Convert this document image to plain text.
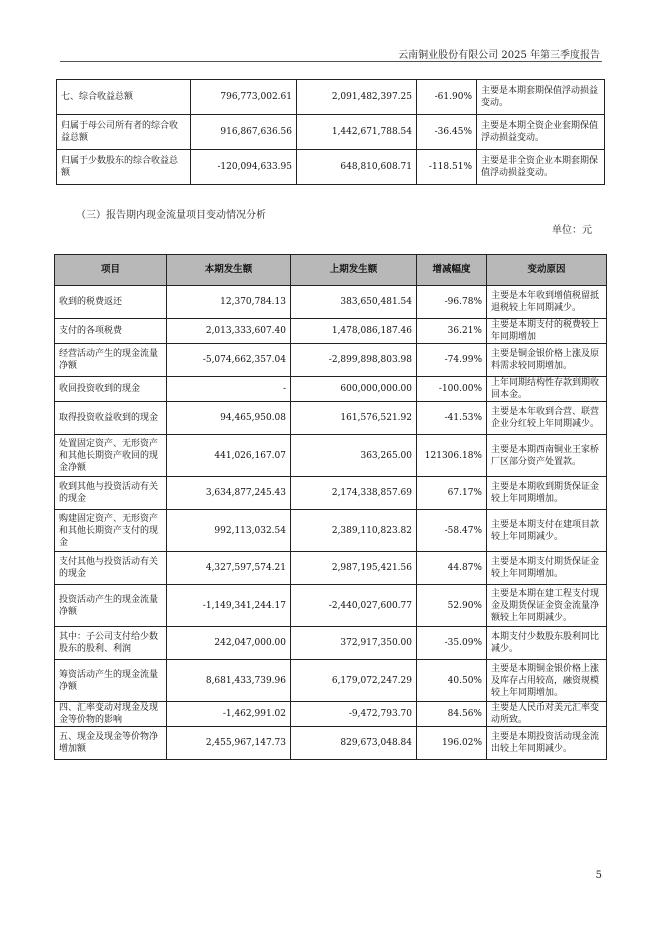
云南铜业股份有限公司 2025 年第三季度报告
七、综合收益总额	796,773,002.61	2,091,482,397.25	-61.90%	主要是本期套期保值浮动损益变动。
归属于母公司所有者的综合收益总额	916,867,636.56	1,442,671,788.54	-36.45%	主要是本期全资企业套期保值浮动损益变动。
归属于少数股东的综合收益总额	-120,094,633.95	648,810,608.71	-118.51%	主要是非全资企业本期套期保值浮动损益变动。
（三）报告期内现金流量项目变动情况分析
单位：元
项目	本期发生额	上期发生额	增减幅度	变动原因
收到的税费返还	12,370,784.13	383,650,481.54	-96.78%	主要是本年收到增值税留抵退税较上年同期减少。
支付的各项税费	2,013,333,607.40	1,478,086,187.46	36.21%	主要是本期支付的税费较上年同期增加
经营活动产生的现金流量净额	-5,074,662,357.04	-2,899,898,803.98	-74.99%	主要是铜金银价格上涨及原料需求较同期增加。
收回投资收到的现金	-	600,000,000.00	-100.00%	上年同期结构性存款到期收回本金。
取得投资收益收到的现金	94,465,950.08	161,576,521.92	-41.53%	主要是本年收到合营、联营企业分红较上年同期减少。
处置固定资产、无形资产和其他长期资产收回的现金净额	441,026,167.07	363,265.00	121306.18%	主要是本期西南铜业王家桥厂区部分资产处置款。
收到其他与投资活动有关的现金	3,634,877,245.43	2,174,338,857.69	67.17%	主要是本期收到期货保证金较上年同期增加。
购建固定资产、无形资产和其他长期资产支付的现金	992,113,032.54	2,389,110,823.82	-58.47%	主要是本期支付在建项目款较上年同期减少。
支付其他与投资活动有关的现金	4,327,597,574.21	2,987,195,421.56	44.87%	主要是本期支付期货保证金较上年同期增加。
投资活动产生的现金流量净额	-1,149,341,244.17	-2,440,027,600.77	52.90%	主要是本期在建工程支付现金及期货保证金资金流量净额较上年同期减少。
其中：子公司支付给少数股东的股利、利润	242,047,000.00	372,917,350.00	-35.09%	本期支付少数股东股利同比减少。
筹资活动产生的现金流量净额	8,681,433,739.96	6,179,072,247.29	40.50%	主要是本期铜金银价格上涨及库存占用较高，融资规模较上年同期增加。
四、汇率变动对现金及现金等价物的影响	-1,462,991.02	-9,472,793.70	84.56%	主要是人民币对美元汇率变动所致。
五、现金及现金等价物净增加额	2,455,967,147.73	829,673,048.84	196.02%	主要是本期投资活动现金流出较上年同期减少。
5
